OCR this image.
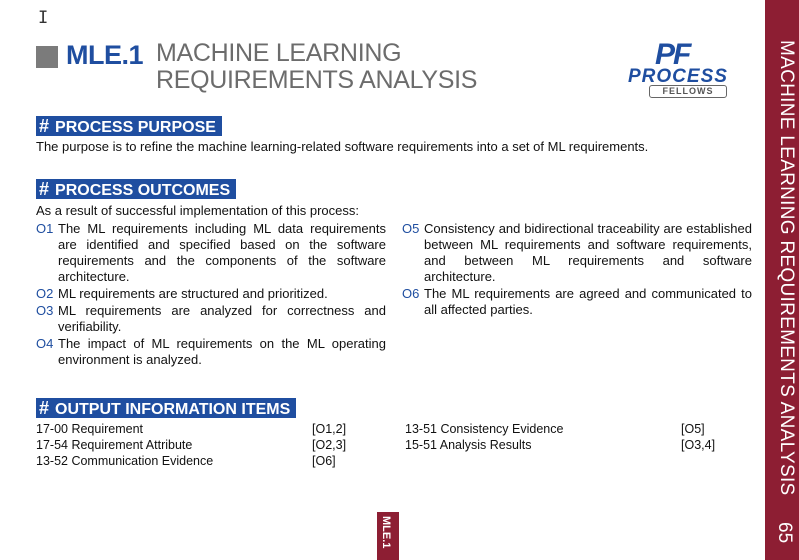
I
MLE.1 MACHINE LEARNING REQUIREMENTS ANALYSIS
PF
PROCESS
FELLOWS
# PROCESS PURPOSE
The purpose is to refine the machine learning-related software requirements into a set of ML requirements.
# PROCESS OUTCOMES
As a result of successful implementation of this process:
O1 The ML requirements including ML data requirements are identified and specified based on the software requirements and the components of the software architecture.
O2 ML requirements are structured and prioritized.
O3 ML requirements are analyzed for correctness and verifiability.
O4 The impact of ML requirements on the ML operating environment is analyzed.
O5 Consistency and bidirectional traceability are established between ML requirements and software requirements, and between ML requirements and software architecture.
O6 The ML requirements are agreed and communicated to all affected parties.
# OUTPUT INFORMATION ITEMS
17-00 Requirement	[O1,2]
17-54 Requirement Attribute	[O2,3]
13-52 Communication Evidence	[O6]
13-51 Consistency Evidence	[O5]
15-51 Analysis Results	[O3,4]
MLE.1
MACHINE LEARNING REQUIREMENTS ANALYSIS
65
